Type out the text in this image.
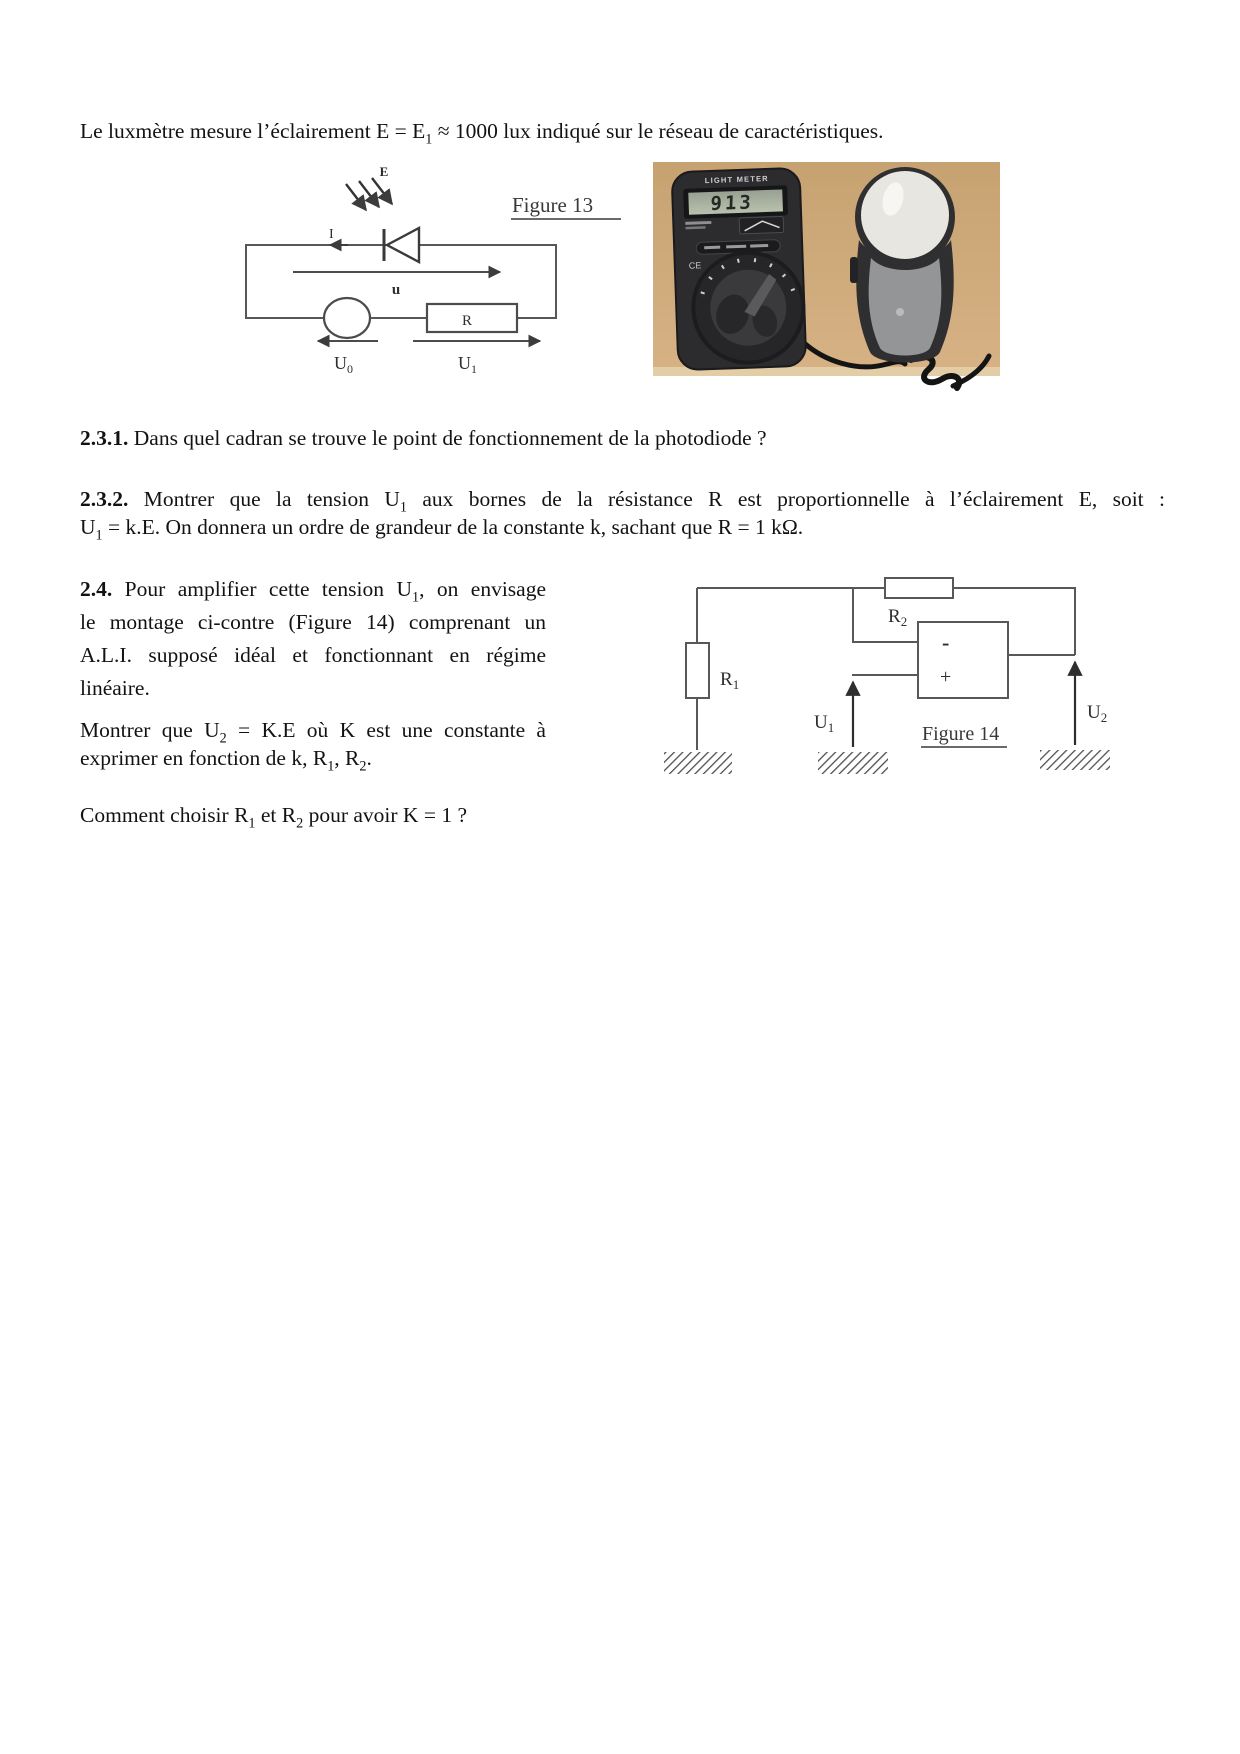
Le luxmètre mesure l’éclairement $E = E_1 \approx 1000$ lux indiqué sur le réseau de caractéristiques.
E
Figure 13
I
u
R
$U_0$	$U_1$
LIGHT METER
913
CE
2.3.1. Dans quel cadran se trouve le point de fonctionnement de la photodiode ?
2.3.2. Montrer que la tension $U_1$ aux bornes de la résistance R est proportionnelle à l’éclairement E, soit :
$U_1 = k.E$. On donnera un ordre de grandeur de la constante k, sachant que R = 1 kΩ.
2.4. Pour amplifier cette tension $U_1$, on envisage
le montage ci-contre (Figure 14) comprenant un
A.L.I. supposé idéal et fonctionnant en régime
linéaire.
Montrer que $U_2 = K.E$ où K est une constante à
exprimer en fonction de k, $R_1$, $R_2$.
Comment choisir $R_1$ et $R_2$ pour avoir K = 1 ?
$R_2$
$R_1$
-
+
$U_1$
$U_2$
Figure 14
